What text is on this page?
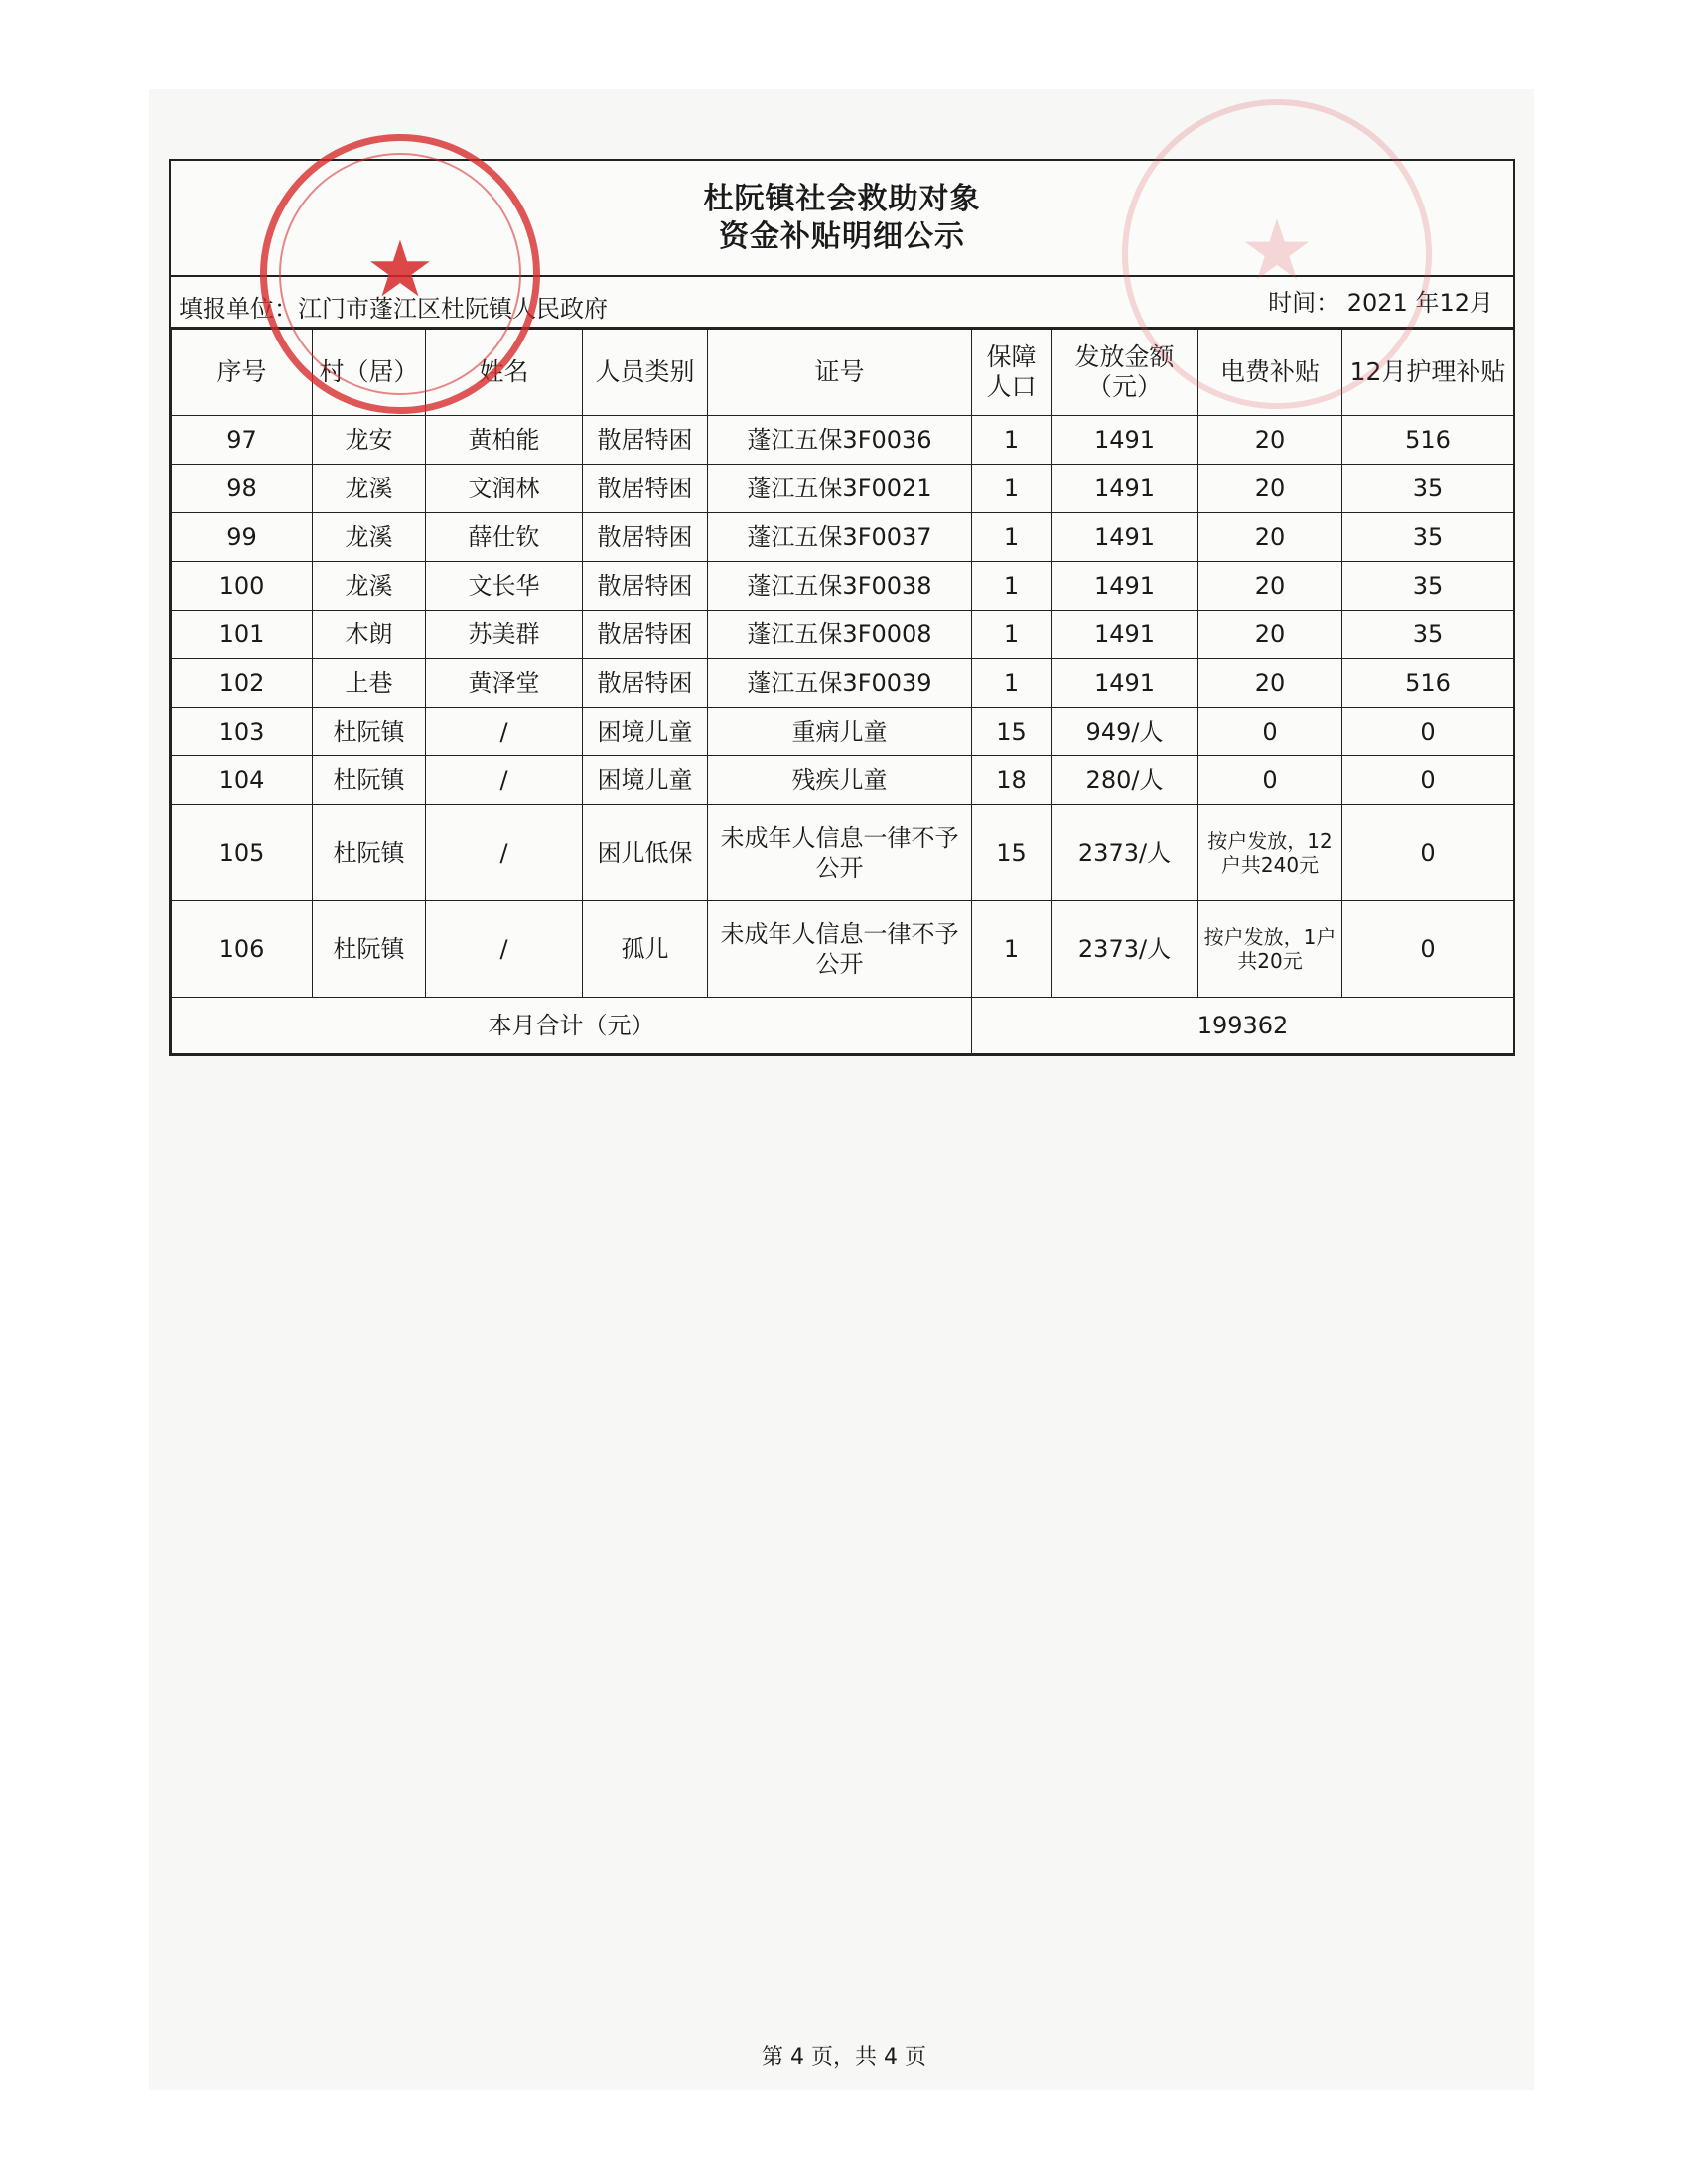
杜阮镇社会救助对象
资金补贴明细公示
填报单位：江门市蓬江区杜阮镇人民政府	时间： 2021 年12月
序号	村（居）	姓名	人员类别	证号	保障人口	发放金额（元）	电费补贴	12月护理补贴
97	龙安	黄柏能	散居特困	蓬江五保3F0036	1	1491	20	516
98	龙溪	文润林	散居特困	蓬江五保3F0021	1	1491	20	35
99	龙溪	薛仕钦	散居特困	蓬江五保3F0037	1	1491	20	35
100	龙溪	文长华	散居特困	蓬江五保3F0038	1	1491	20	35
101	木朗	苏美群	散居特困	蓬江五保3F0008	1	1491	20	35
102	上巷	黄泽堂	散居特困	蓬江五保3F0039	1	1491	20	516
103	杜阮镇	/	困境儿童	重病儿童	15	949/人	0	0
104	杜阮镇	/	困境儿童	残疾儿童	18	280/人	0	0
105	杜阮镇	/	困儿低保	未成年人信息一律不予公开	15	2373/人	按户发放，12户共240元	0
106	杜阮镇	/	孤儿	未成年人信息一律不予公开	1	2373/人	按户发放，1户共20元	0
本月合计（元）					199362			
★	★
第 4 页，共 4 页
